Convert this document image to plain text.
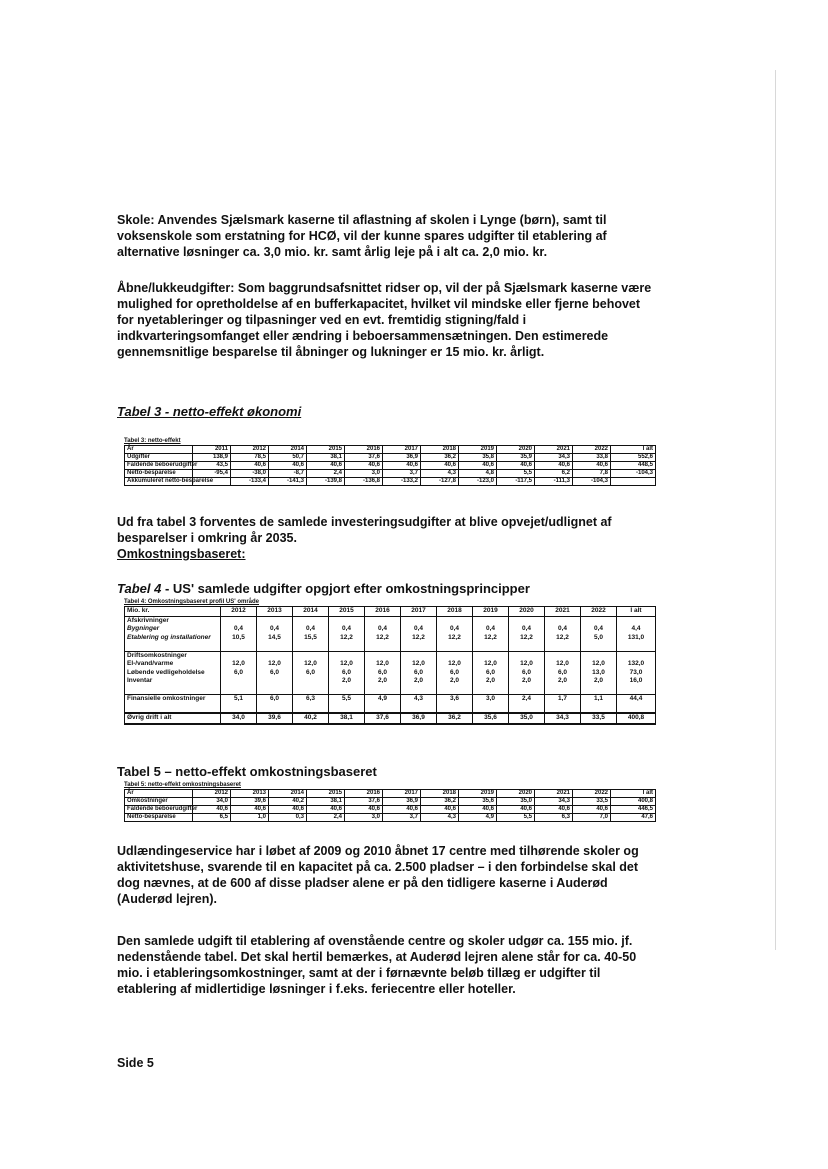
Skole: Anvendes Sjælsmark kaserne til aflastning af skolen i Lynge (børn), samt til voksenskole som erstatning for HCØ, vil der kunne spares udgifter til etablering af alternative løsninger ca. 3,0 mio. kr. samt årlig leje på i alt ca. 2,0 mio. kr.

Åbne/lukkeudgifter: Som baggrundsafsnittet ridser op, vil der på Sjælsmark kaserne være mulighed for opretholdelse af en bufferkapacitet, hvilket vil mindske eller fjerne behovet for nyetableringer og tilpasninger ved en evt. fremtidig stigning/fald i indkvarteringsomfanget eller ændring i beboersammensætningen. Den estimerede gennemsnitlige besparelse til åbninger og lukninger er 15 mio. kr. årligt.

Tabel 3 - netto-effekt økonomi

Tabel 3: netto-effekt

År	2011	2012	2014	2015	2016	2017	2018	2019	2020	2021	2022	I alt
Udgifter	138,9	78,5	50,7	38,1	37,6	36,9	36,2	35,8	35,9	34,3	33,8	552,6
Faldende beboerudgifter	43,5	40,6	40,6	40,6	40,6	40,6	40,6	40,6	40,6	40,6	40,6	448,5
Netto-besparelse	-95,4	-38,0	-8,7	2,4	3,0	3,7	4,3	4,8	5,5	6,2	7,8	-104,3
Akkumuleret netto-besparelse		-133,4	-141,3	-139,8	-136,8	-133,2	-127,8	-123,0	-117,5	-111,3	-104,3	

Ud fra tabel 3 forventes de samlede investeringsudgifter at blive opvejet/udlignet af besparelser i omkring år 2035.

Omkostningsbaseret:

Tabel 4 - US' samlede udgifter opgjort efter omkostningsprincipper

Tabel 4: Omkostningsbaseret profil US' område

Mio. kr.	2012	2013	2014	2015	2016	2017	2018	2019	2020	2021	2022	I alt
Afskrivninger												
Bygninger	0,4	0,4	0,4	0,4	0,4	0,4	0,4	0,4	0,4	0,4	0,4	4,4
Etablering og installationer	10,5	14,5	15,5	12,2	12,2	12,2	12,2	12,2	12,2	12,2	5,0	131,0

Driftsomkostninger												
El-/vand/varme	12,0	12,0	12,0	12,0	12,0	12,0	12,0	12,0	12,0	12,0	12,0	132,0
Løbende vedligeholdelse	6,0	6,0	6,0	6,0	6,0	6,0	6,0	6,0	6,0	6,0	13,0	73,0
Inventar				2,0	2,0	2,0	2,0	2,0	2,0	2,0	2,0	16,0

Finansielle omkostninger	5,1	6,0	6,3	5,5	4,9	4,3	3,6	3,0	2,4	1,7	1,1	44,4

Øvrig drift i alt	34,0	39,6	40,2	38,1	37,6	36,9	36,2	35,6	35,0	34,3	33,5	400,8

Tabel 5 – netto-effekt omkostningsbaseret

Tabel 5: netto-effekt omkostningsbaseret

År	2012	2013	2014	2015	2016	2017	2018	2019	2020	2021	2022	I alt
Omkostninger	34,0	39,6	40,2	38,1	37,6	36,9	36,2	35,6	35,0	34,3	33,5	400,8
Faldende beboerudgifter	40,6	40,6	40,6	40,6	40,6	40,6	40,6	40,6	40,6	40,6	40,6	446,5
Netto-besparelse	6,5	1,0	0,3	2,4	3,0	3,7	4,3	4,9	5,5	6,3	7,0	47,6

Udlændingeservice har i løbet af 2009 og 2010 åbnet 17 centre med tilhørende skoler og aktivitetshuse, svarende til en kapacitet på ca. 2.500 pladser – i den forbindelse skal det dog nævnes, at de 600 af disse pladser alene er på den tidligere kaserne i Auderød (Auderød lejren).

Den samlede udgift til etablering af ovenstående centre og skoler udgør ca. 155 mio. jf. nedenstående tabel. Det skal hertil bemærkes, at Auderød lejren alene står for ca. 40-50 mio. i etableringsomkostninger, samt at der i førnævnte beløb tillæg er udgifter til etablering af midlertidige løsninger i f.eks. feriecentre eller hoteller.

Side 5
